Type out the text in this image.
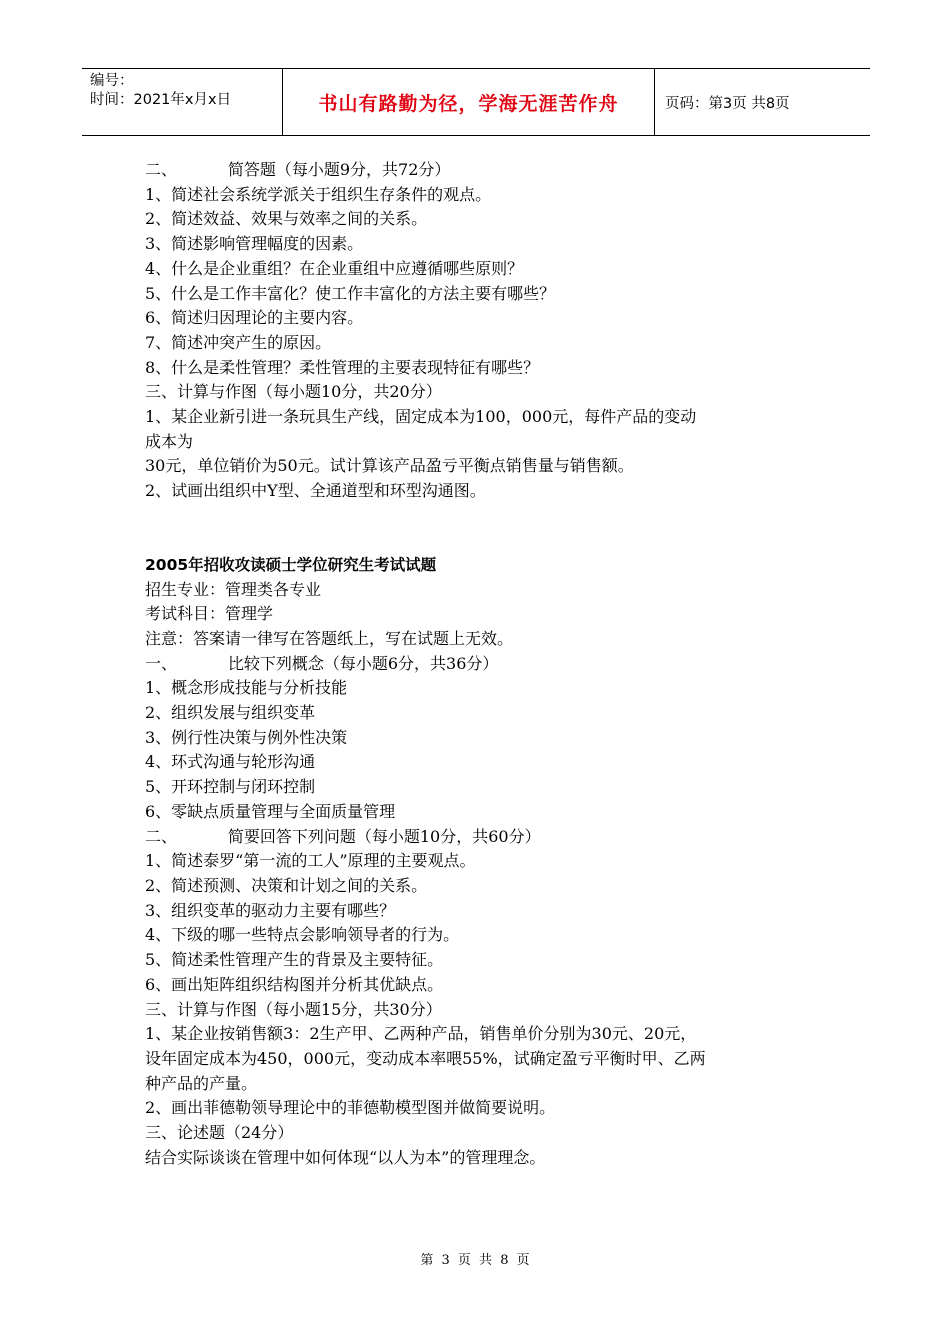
编号：
时间：2021年x月x日	书山有路勤为径，学海无涯苦作舟	页码：第3页 共8页
二、          简答题（每小题9分，共72分）
1、简述社会系统学派关于组织生存条件的观点。
2、简述效益、效果与效率之间的关系。
3、简述影响管理幅度的因素。
4、什么是企业重组？在企业重组中应遵循哪些原则？
5、什么是工作丰富化？使工作丰富化的方法主要有哪些？
6、简述归因理论的主要内容。
7、简述冲突产生的原因。
8、什么是柔性管理？柔性管理的主要表现特征有哪些？
三、计算与作图（每小题10分，共20分）
1、某企业新引进一条玩具生产线，固定成本为100，000元，每件产品的变动
成本为
30元，单位销价为50元。试计算该产品盈亏平衡点销售量与销售额。
2、试画出组织中Y型、全通道型和环型沟通图。
2005年招收攻读硕士学位研究生考试试题
招生专业：管理类各专业
考试科目：管理学
注意：答案请一律写在答题纸上，写在试题上无效。
一、          比较下列概念（每小题6分，共36分）
1、概念形成技能与分析技能
2、组织发展与组织变革
3、例行性决策与例外性决策
4、环式沟通与轮形沟通
5、开环控制与闭环控制
6、零缺点质量管理与全面质量管理
二、          简要回答下列问题（每小题10分，共60分）
1、简述泰罗“第一流的工人”原理的主要观点。
2、简述预测、决策和计划之间的关系。
3、组织变革的驱动力主要有哪些？
4、下级的哪一些特点会影响领导者的行为。
5、简述柔性管理产生的背景及主要特征。
6、画出矩阵组织结构图并分析其优缺点。
三、计算与作图（每小题15分，共30分）
1、某企业按销售额3：2生产甲、乙两种产品，销售单价分别为30元、20元，
设年固定成本为450，000元，变动成本率喂55%，试确定盈亏平衡时甲、乙两
种产品的产量。
2、画出菲德勒领导理论中的菲德勒模型图并做简要说明。
三、论述题（24分）
结合实际谈谈在管理中如何体现“以人为本”的管理理念。
第 3 页 共 8 页
